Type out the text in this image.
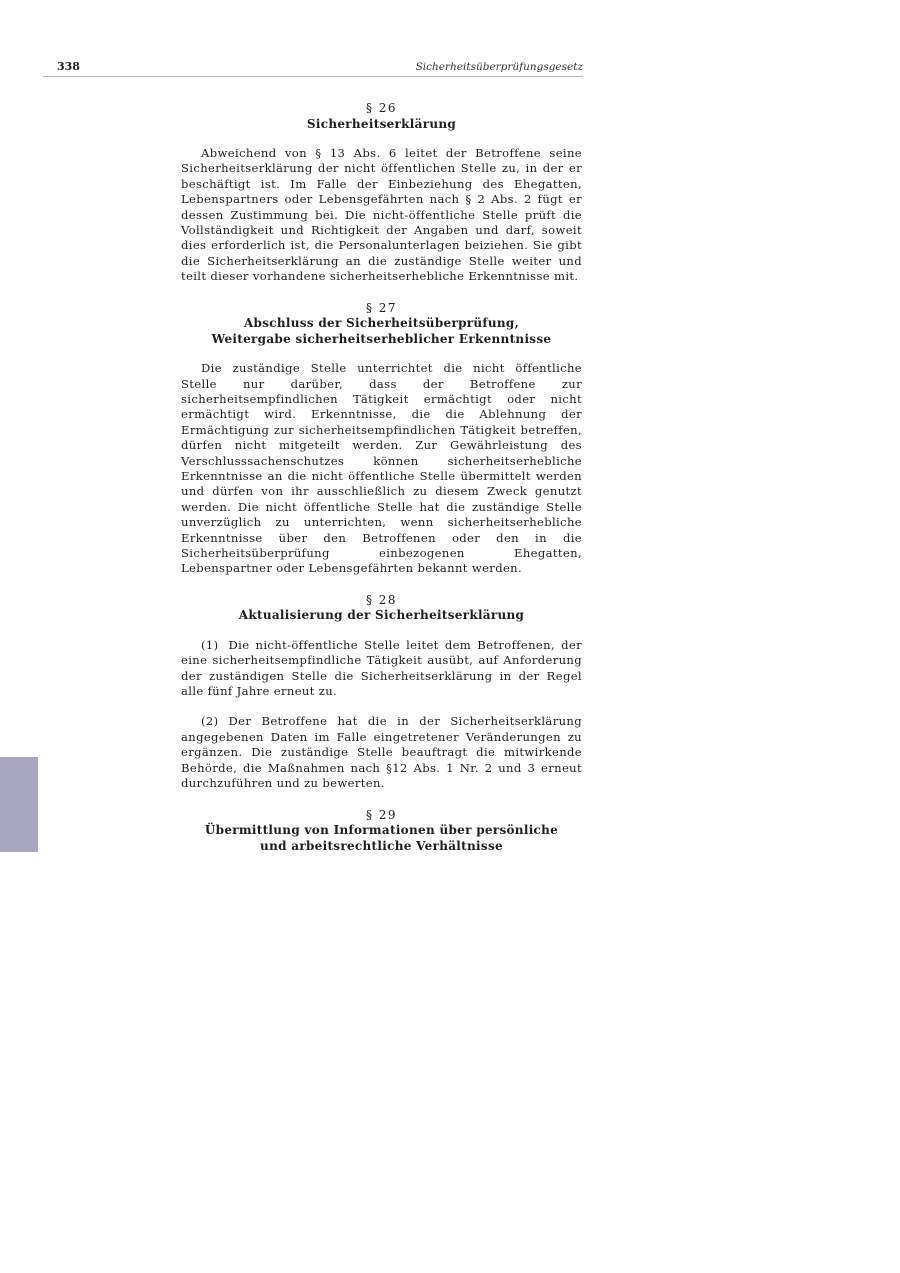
338	Sicherheitsüberprüfungsgesetz

§ 26

Sicherheitserklärung

Abweichend von § 13 Abs. 6 leitet der Betroffene seine Sicherheitserklärung der nicht öffentlichen Stelle zu, in der er beschäftigt ist. Im Falle der Einbeziehung des Ehegatten, Lebenspartners oder Lebensgefährten nach § 2 Abs. 2 fügt er dessen Zustimmung bei. Die nicht-öffentliche Stelle prüft die Vollständigkeit und Richtigkeit der Angaben und darf, soweit dies erforderlich ist, die Personalunterlagen beiziehen. Sie gibt die Sicherheitserklärung an die zuständige Stelle weiter und teilt dieser vorhandene sicherheitserhebliche Erkenntnisse mit.

§ 27

Abschluss der Sicherheitsüberprüfung,

Weitergabe sicherheitserheblicher Erkenntnisse

Die zuständige Stelle unterrichtet die nicht öffentliche Stelle nur darüber, dass der Betroffene zur sicherheitsempfindlichen Tätigkeit ermächtigt oder nicht ermächtigt wird. Erkenntnisse, die die Ablehnung der Ermächtigung zur sicherheitsempfindlichen Tätigkeit betreffen, dürfen nicht mitgeteilt werden. Zur Gewährleistung des Verschlusssachenschutzes können sicherheitserhebliche Erkenntnisse an die nicht öffentliche Stelle übermittelt werden und dürfen von ihr ausschließlich zu diesem Zweck genutzt werden. Die nicht öffentliche Stelle hat die zuständige Stelle unverzüglich zu unterrichten, wenn sicherheitserhebliche Erkenntnisse über den Betroffenen oder den in die Sicherheitsüberprüfung einbezogenen Ehegatten, Lebenspartner oder Lebensgefährten bekannt werden.

§ 28

Aktualisierung der Sicherheitserklärung

(1) Die nicht-öffentliche Stelle leitet dem Betroffenen, der eine sicherheitsempfindliche Tätigkeit ausübt, auf Anforderung der zuständigen Stelle die Sicherheitserklärung in der Regel alle fünf Jahre erneut zu.

(2) Der Betroffene hat die in der Sicherheitserklärung angegebenen Daten im Falle eingetretener Veränderungen zu ergänzen. Die zuständige Stelle beauftragt die mitwirkende Behörde, die Maßnahmen nach §12 Abs. 1 Nr. 2 und 3 erneut durchzuführen und zu bewerten.

§ 29

Übermittlung von Informationen über persönliche

und arbeitsrechtliche Verhältnisse
